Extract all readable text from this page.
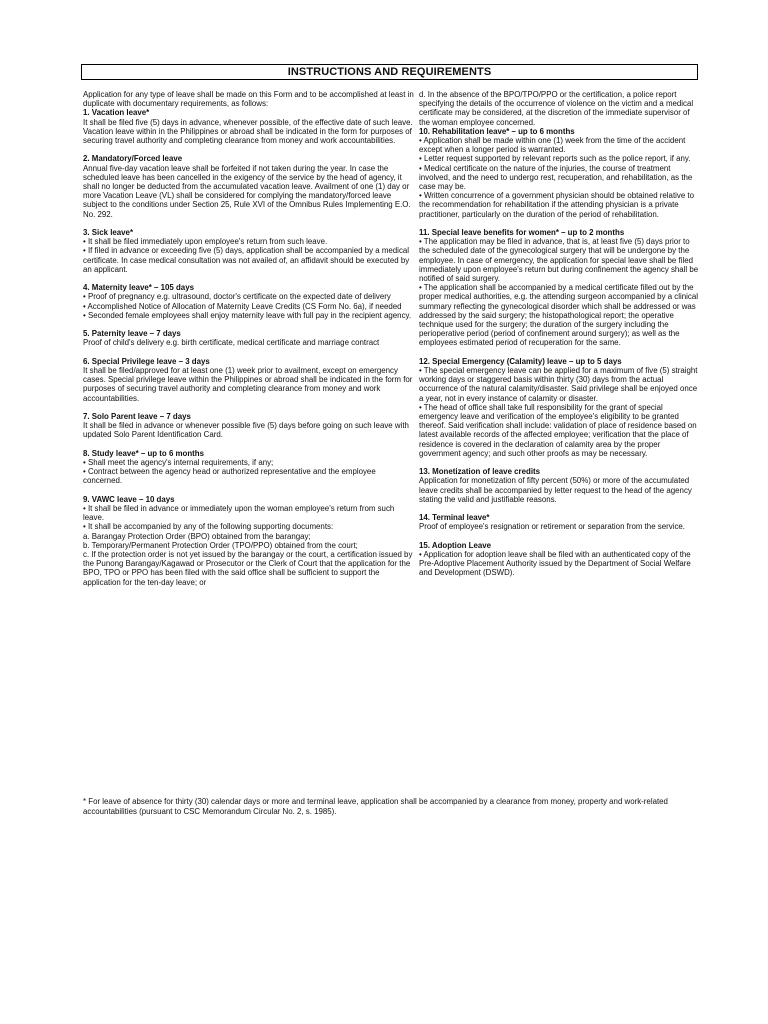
INSTRUCTIONS AND REQUIREMENTS

Application for any type of leave shall be made on this Form and to be accomplished at least in duplicate with documentary requirements, as follows:

1. Vacation leave*

It shall be filed five (5) days in advance, whenever possible, of the effective date of such leave. Vacation leave within in the Philippines or abroad shall be indicated in the form for purposes of securing travel authority and completing clearance from money and work accountabilities.

2. Mandatory/Forced leave

Annual five-day vacation leave shall be forfeited if not taken during the year. In case the scheduled leave has been cancelled in the exigency of the service by the head of agency, it shall no longer be deducted from the accumulated vacation leave. Availment of one (1) day or more Vacation Leave (VL) shall be considered for complying the mandatory/forced leave subject to the conditions under Section 25, Rule XVI of the Omnibus Rules Implementing E.O. No. 292.

3. Sick leave*

• It shall be filed immediately upon employee's return from such leave.

• If filed in advance or exceeding five (5) days, application shall be accompanied by a medical certificate. In case medical consultation was not availed of, an affidavit should be executed by an applicant.

4. Maternity leave* – 105 days

• Proof of pregnancy e.g. ultrasound, doctor's certificate on the expected date of delivery

• Accomplished Notice of Allocation of Maternity Leave Credits (CS Form No. 6a), if needed

• Seconded female employees shall enjoy maternity leave with full pay in the recipient agency.

5. Paternity leave – 7 days

Proof of child's delivery e.g. birth certificate, medical certificate and marriage contract

6. Special Privilege leave – 3 days

It shall be filed/approved for at least one (1) week prior to availment, except on emergency cases. Special privilege leave within the Philippines or abroad shall be indicated in the form for purposes of securing travel authority and completing clearance from money and work accountabilities.

7. Solo Parent leave – 7 days

It shall be filed in advance or whenever possible five (5) days before going on such leave with updated Solo Parent Identification Card.

8. Study leave* – up to 6 months

• Shall meet the agency's internal requirements, if any;

• Contract between the agency head or authorized representative and the employee concerned.

9. VAWC leave – 10 days

• It shall be filed in advance or immediately upon the woman employee's return from such leave.

• It shall be accompanied by any of the following supporting documents:

a. Barangay Protection Order (BPO) obtained from the barangay;

b. Temporary/Permanent Protection Order (TPO/PPO) obtained from the court;

c. If the protection order is not yet issued by the barangay or the court, a certification issued by the Punong Barangay/Kagawad or Prosecutor or the Clerk of Court that the application for the BPO, TPO or PPO has been filed with the said office shall be sufficient to support the application for the ten-day leave; or

d. In the absence of the BPO/TPO/PPO or the certification, a police report specifying the details of the occurrence of violence on the victim and a medical certificate may be considered, at the discretion of the immediate supervisor of the woman employee concerned.

10. Rehabilitation leave* – up to 6 months

• Application shall be made within one (1) week from the time of the accident except when a longer period is warranted.

• Letter request supported by relevant reports such as the police report, if any.

• Medical certificate on the nature of the injuries, the course of treatment involved, and the need to undergo rest, recuperation, and rehabilitation, as the case may be.

• Written concurrence of a government physician should be obtained relative to the recommendation for rehabilitation if the attending physician is a private practitioner, particularly on the duration of the period of rehabilitation.

11. Special leave benefits for women* – up to 2 months

• The application may be filed in advance, that is, at least five (5) days prior to the scheduled date of the gynecological surgery that will be undergone by the employee. In case of emergency, the application for special leave shall be filed immediately upon employee's return but during confinement the agency shall be notified of said surgery.

• The application shall be accompanied by a medical certificate filled out by the proper medical authorities, e.g. the attending surgeon accompanied by a clinical summary reflecting the gynecological disorder which shall be addressed or was addressed by the said surgery; the histopathological report; the operative technique used for the surgery; the duration of the surgery including the perioperative period (period of confinement around surgery); as well as the employees estimated period of recuperation for the same.

12. Special Emergency (Calamity) leave – up to 5 days

• The special emergency leave can be applied for a maximum of five (5) straight working days or staggered basis within thirty (30) days from the actual occurrence of the natural calamity/disaster. Said privilege shall be enjoyed once a year, not in every instance of calamity or disaster.

• The head of office shall take full responsibility for the grant of special emergency leave and verification of the employee's eligibility to be granted thereof. Said verification shall include: validation of place of residence based on latest available records of the affected employee; verification that the place of residence is covered in the declaration of calamity area by the proper government agency; and such other proofs as may be necessary.

13. Monetization of leave credits

Application for monetization of fifty percent (50%) or more of the accumulated leave credits shall be accompanied by letter request to the head of the agency stating the valid and justifiable reasons.

14. Terminal leave*

Proof of employee's resignation or retirement or separation from the service.

15. Adoption Leave

• Application for adoption leave shall be filed with an authenticated copy of the Pre-Adoptive Placement Authority issued by the Department of Social Welfare and Development (DSWD).

* For leave of absence for thirty (30) calendar days or more and terminal leave, application shall be accompanied by a clearance from money, property and work-related accountabilities (pursuant to CSC Memorandum Circular No. 2, s. 1985).
